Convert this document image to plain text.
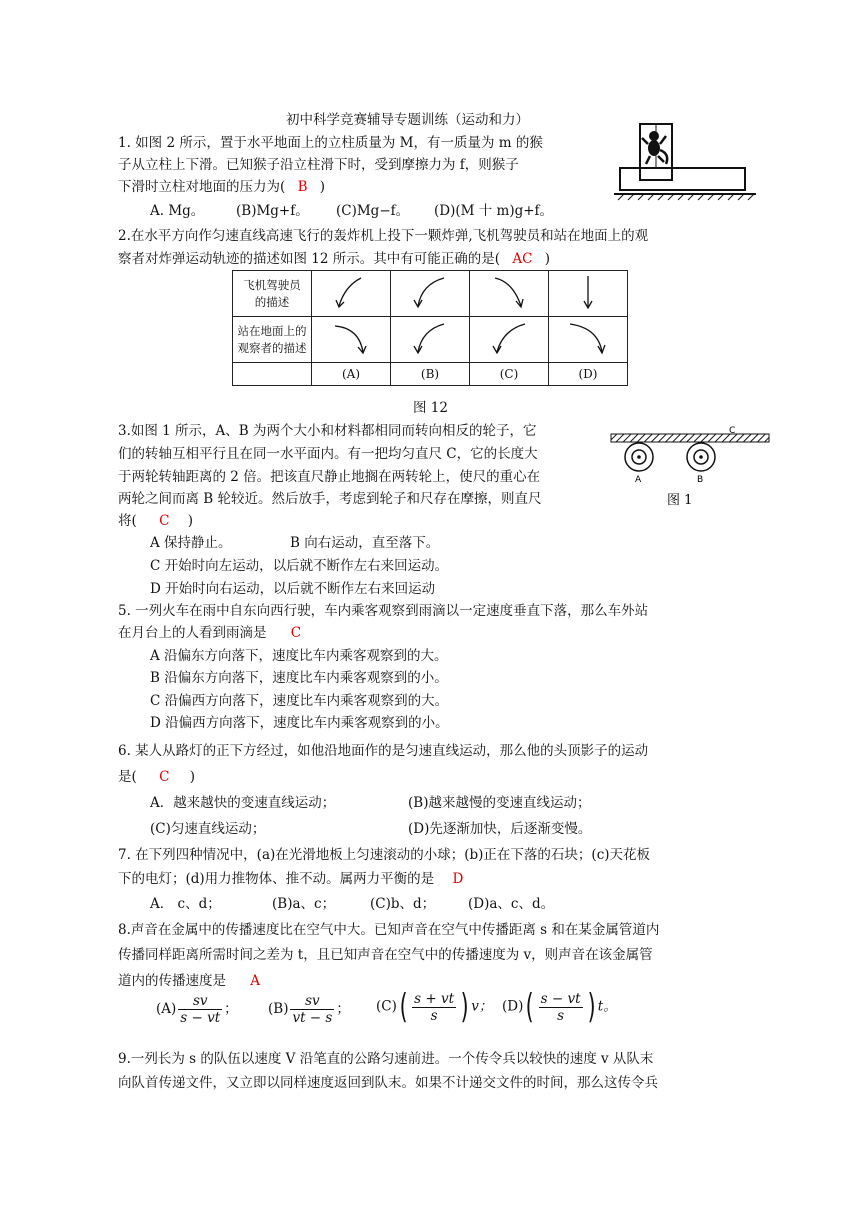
初中科学竞赛辅导专题训练（运动和力）
1. 如图 2 所示，置于水平地面上的立柱质量为 M，有一质量为 m 的猴
子从立柱上下滑。已知猴子沿立柱滑下时，受到摩擦力为 f，则猴子
下滑时立柱对地面的压力为( B )
A. Mg。 (B)Mg+f。 (C)Mg−f。 (D)(M 十 m)g+f。
2.在水平方向作匀速直线高速飞行的轰炸机上投下一颗炸弹,飞机驾驶员和站在地面上的观
察者对炸弹运动轨迹的描述如图 12 所示。其中有可能正确的是( AC )
飞机驾驶员
的描述

站在地面上的
观察者的描述

	(A)	(B)	(C)	(D)
图 12
3.如图 1 所示，A、B 为两个大小和材料都相同而转向相反的轮子，它
们的转轴互相平行且在同一水平面内。有一把均匀直尺 C，它的长度大
于两轮转轴距离的 2 倍。把该直尺静止地搁在两转轮上，使尺的重心在
两轮之间而离 B 轮较近。然后放手，考虑到轮子和尺存在摩擦，则直尺
将( C )
A 保持静止。	B 向右运动，直至落下。
C 开始时向左运动，以后就不断作左右来回运动。
D 开始时向右运动，以后就不断作左右来回运动
A	B
C
图 1
5. 一列火车在雨中自东向西行驶，车内乘客观察到雨滴以一定速度垂直下落，那么车外站
在月台上的人看到雨滴是 C
A 沿偏东方向落下，速度比车内乘客观察到的大。
B 沿偏东方向落下，速度比车内乘客观察到的小。
C 沿偏西方向落下，速度比车内乘客观察到的大。
D 沿偏西方向落下，速度比车内乘客观察到的小。
6. 某人从路灯的正下方经过，如他沿地面作的是匀速直线运动，那么他的头顶影子的运动
是( C )
A．越来越快的变速直线运动；	(B)越来越慢的变速直线运动；
(C)匀速直线运动；	(D)先逐渐加快，后逐渐变慢。
7. 在下列四种情况中，(a)在光滑地板上匀速滚动的小球；(b)正在下落的石块；(c)天花板
下的电灯；(d)用力推物体、推不动。属两力平衡的是 D
A． c、d；	(B)a、c；	(C)b、d； (D)a、c、d。
8.声音在金属中的传播速度比在空气中大。已知声音在空气中传播距离 s 和在某金属管道内
传播同样距离所需时间之差为 t，且已知声音在空气中的传播速度为 v，则声音在该金属管
道内的传播速度是 A
$(A) \frac{sv}{s - vt}$ ； $(B) \frac{sv}{vt - s}$ ； $(C)( \frac{s + vt}{s}$ ) v； $(D)( \frac{s - vt}{s}$ ) t。
9.一列长为 s 的队伍以速度 V 沿笔直的公路匀速前进。一个传令兵以较快的速度 v 从队末
向队首传递文件，又立即以同样速度返回到队末。如果不计递交文件的时间，那么这传令兵
